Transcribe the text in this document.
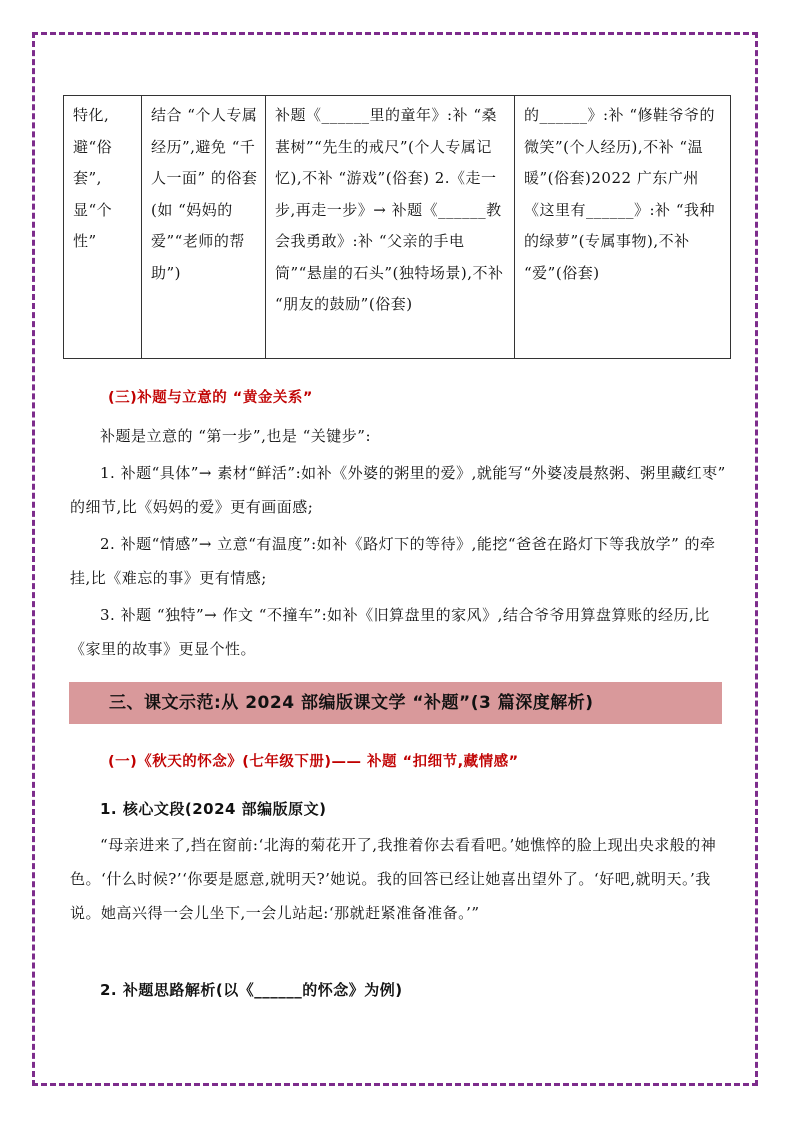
特化,避“俗套”,显“个性”	结合 “个人专属经历”,避免 “千人一面” 的俗套(如 “妈妈的爱”“老师的帮助”)	补题《______里的童年》:补 “桑葚树”“先生的戒尺”(个人专属记忆),不补 “游戏”(俗套) 2.《走一步,再走一步》→ 补题《______教会我勇敢》:补 “父亲的手电筒”“悬崖的石头”(独特场景),不补 “朋友的鼓励”(俗套)	的______》:补 “修鞋爷爷的微笑”(个人经历),不补 “温暖”(俗套)2022 广东广州《这里有______》:补 “我种的绿萝”(专属事物),不补 “爱”(俗套)
(三)补题与立意的 “黄金关系”
补题是立意的 “第一步”,也是 “关键步”:
1. 补题“具体”→ 素材“鲜活”:如补《外婆的粥里的爱》,就能写“外婆凌晨熬粥、粥里藏红枣” 的细节,比《妈妈的爱》更有画面感;
2. 补题“情感”→ 立意“有温度”:如补《路灯下的等待》,能挖“爸爸在路灯下等我放学” 的牵挂,比《难忘的事》更有情感;
3. 补题 “独特”→ 作文 “不撞车”:如补《旧算盘里的家风》,结合爷爷用算盘算账的经历,比《家里的故事》更显个性。
三、课文示范:从 2024 部编版课文学 “补题”(3 篇深度解析)
(一)《秋天的怀念》(七年级下册)—— 补题 “扣细节,藏情感”
1. 核心文段(2024 部编版原文)
“母亲进来了,挡在窗前:‘北海的菊花开了,我推着你去看看吧。’她憔悴的脸上现出央求般的神色。‘什么时候?’‘你要是愿意,就明天?’她说。我的回答已经让她喜出望外了。‘好吧,就明天。’我说。她高兴得一会儿坐下,一会儿站起:‘那就赶紧准备准备。’”
2. 补题思路解析(以《______的怀念》为例)
